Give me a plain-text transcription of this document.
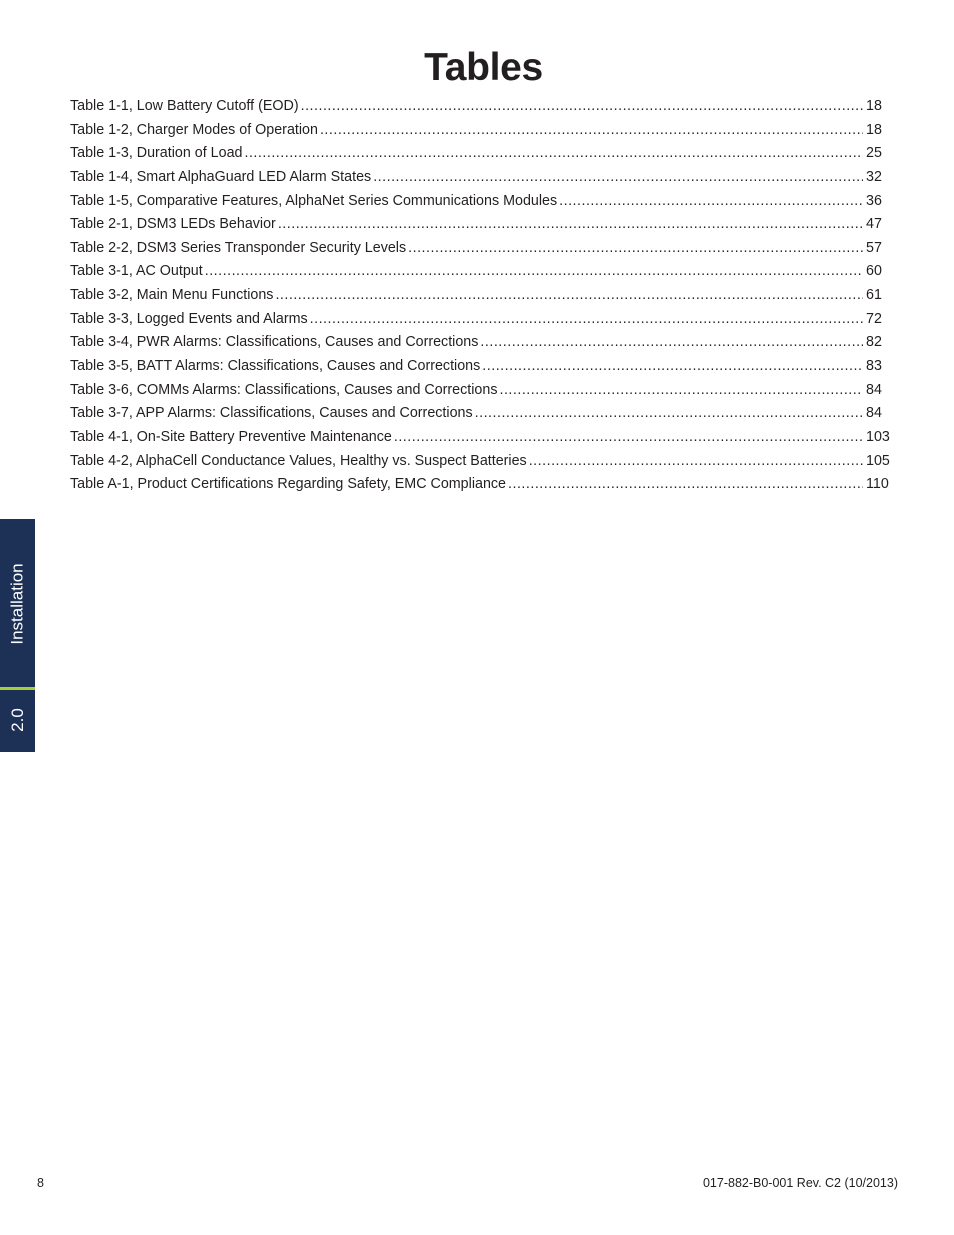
Tables
Table 1-1, Low Battery Cutoff (EOD) .....	18
Table 1-2, Charger Modes of Operation .....	18
Table 1-3, Duration of Load .....	25
Table 1-4, Smart AlphaGuard LED Alarm States .....	32
Table 1-5, Comparative Features, AlphaNet Series Communications Modules .....	36
Table 2-1, DSM3 LEDs Behavior .....	47
Table 2-2, DSM3 Series Transponder Security Levels .....	57
Table 3-1, AC Output .....	60
Table 3-2, Main Menu Functions .....	61
Table 3-3, Logged Events and Alarms .....	72
Table 3-4, PWR Alarms: Classifications, Causes and Corrections .....	82
Table 3-5, BATT Alarms: Classifications, Causes and Corrections .....	83
Table 3-6, COMMs Alarms: Classifications, Causes and Corrections .....	84
Table 3-7, APP Alarms: Classifications, Causes and Corrections .....	84
Table 4-1, On-Site Battery Preventive Maintenance .....	103
Table 4-2, AlphaCell Conductance Values, Healthy vs. Suspect Batteries .....	105
Table A-1, Product Certifications Regarding Safety, EMC Compliance .....	110
Installation
2.0
8	017-882-B0-001 Rev. C2 (10/2013)
